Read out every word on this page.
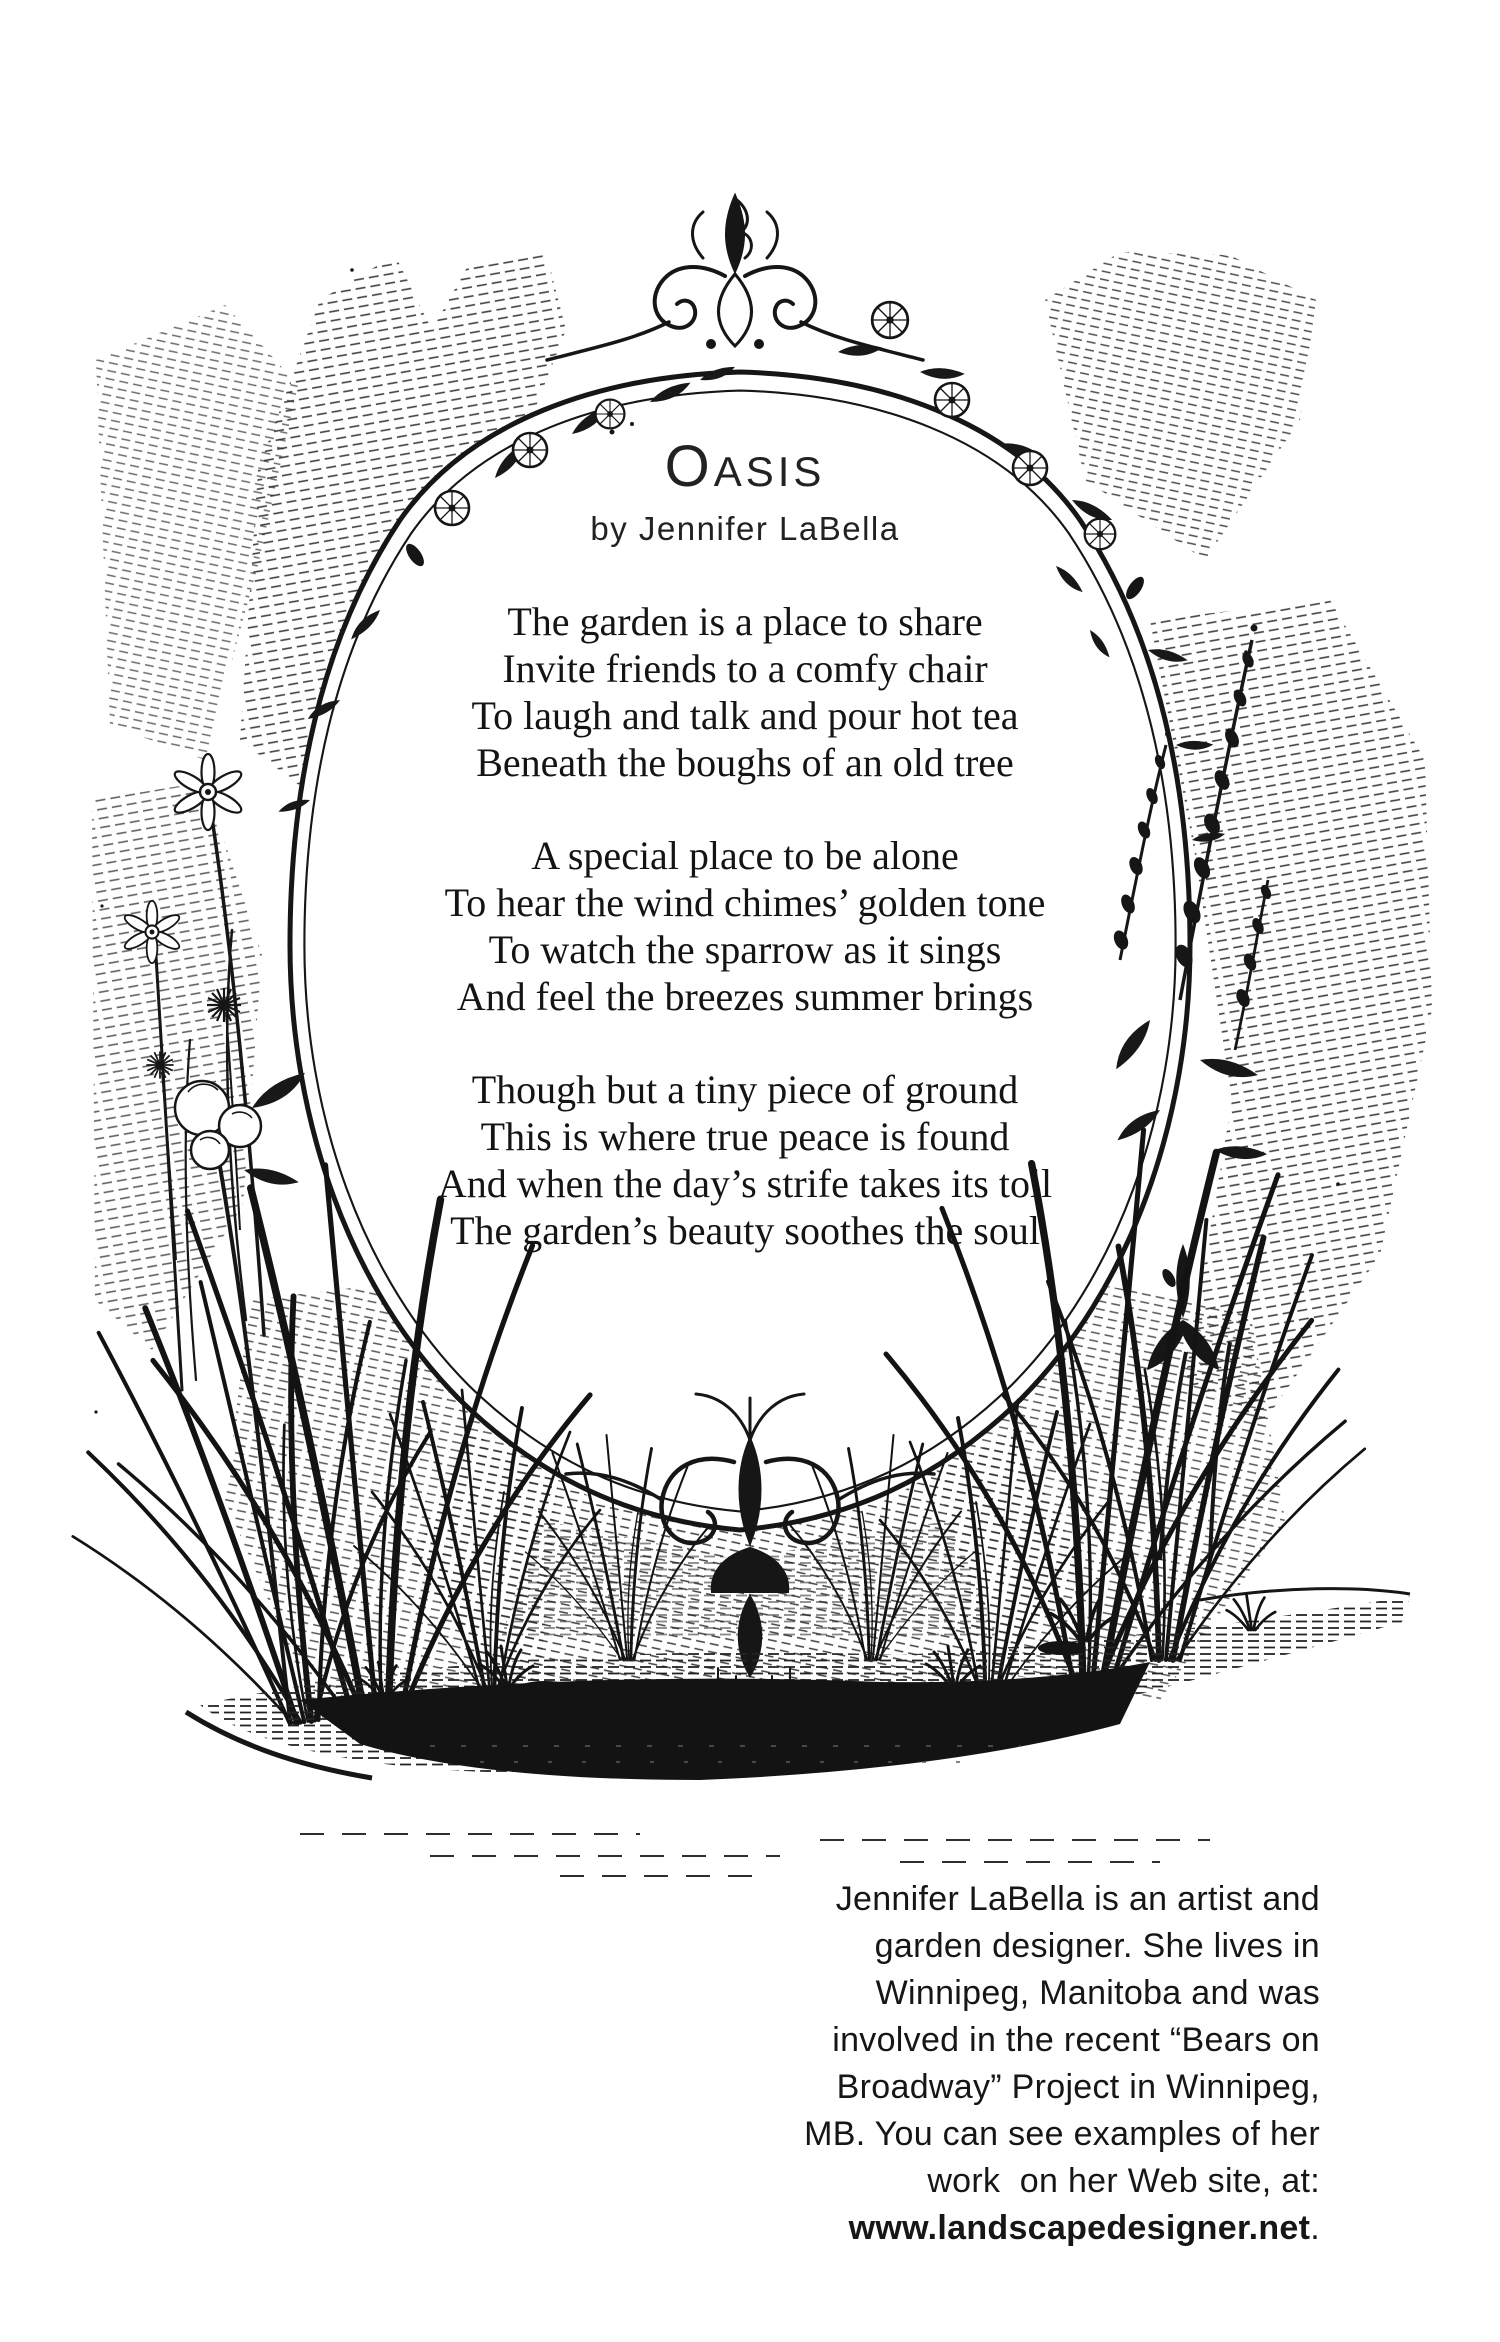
OASIS
by Jennifer LaBella
The garden is a place to share
Invite friends to a comfy chair
To laugh and talk and pour hot tea
Beneath the boughs of an old tree
A special place to be alone
To hear the wind chimes’ golden tone
To watch the sparrow as it sings
And feel the breezes summer brings
Though but a tiny piece of ground
This is where true peace is found
And when the day’s strife takes its toll
The garden’s beauty soothes the soul
Jennifer LaBella is an artist and
garden designer. She lives in
Winnipeg, Manitoba and was
involved in the recent “Bears on
Broadway” Project in Winnipeg,
MB. You can see examples of her
work  on her Web site, at:
www.landscapedesigner.net.
